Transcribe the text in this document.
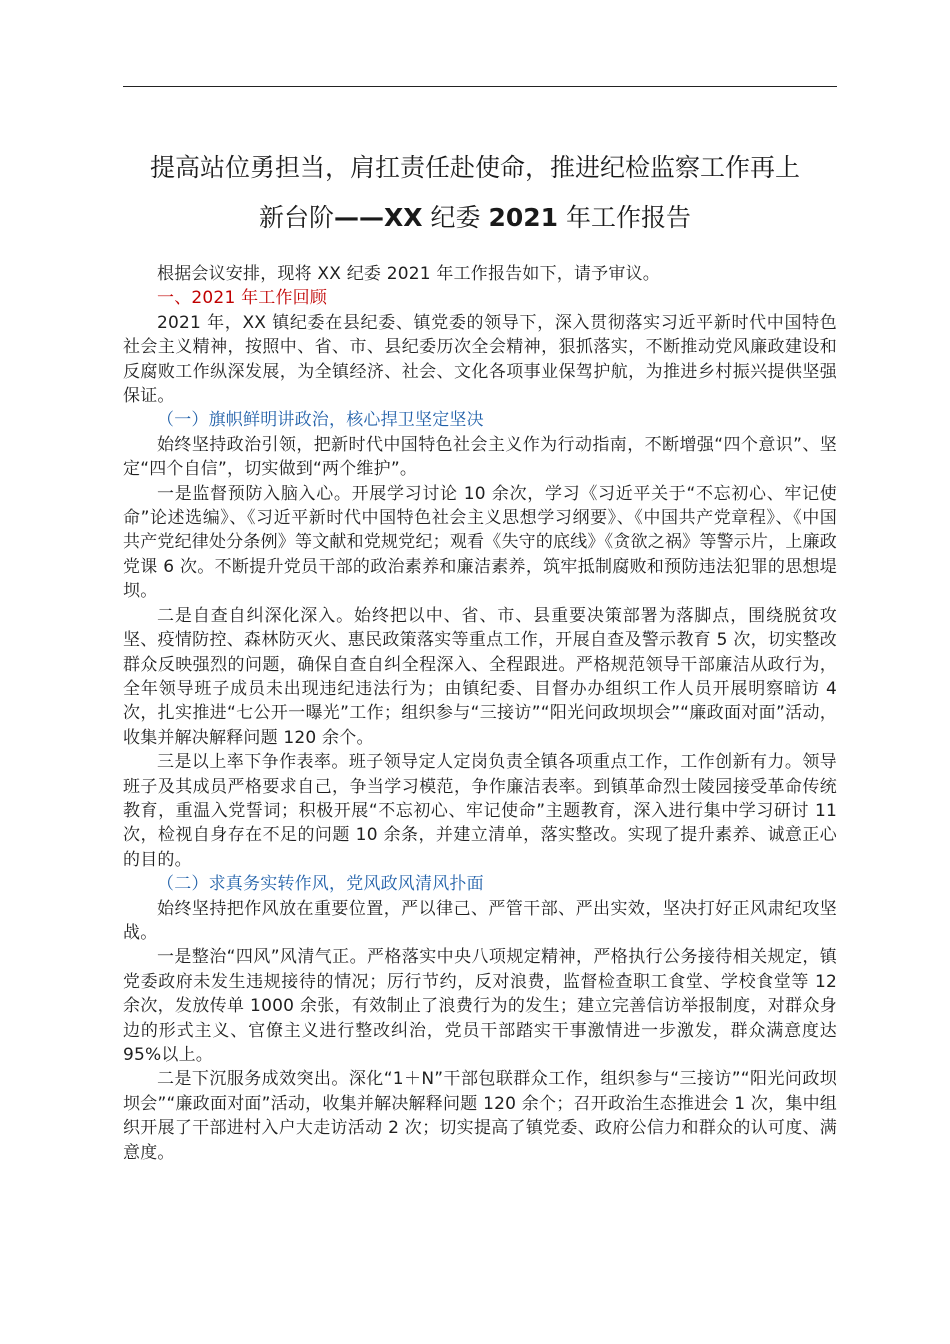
提高站位勇担当，肩扛责任赴使命，推进纪检监察工作再上
新台阶——XX 纪委 2021 年工作报告

根据会议安排，现将 XX 纪委 2021 年工作报告如下，请予审议。

一、2021 年工作回顾

2021 年，XX 镇纪委在县纪委、镇党委的领导下，深入贯彻落实习近平新时代中国特色社会主义精神，按照中、省、市、县纪委历次全会精神，狠抓落实，不断推动党风廉政建设和反腐败工作纵深发展，为全镇经济、社会、文化各项事业保驾护航，为推进乡村振兴提供坚强保证。

（一）旗帜鲜明讲政治，核心捍卫坚定坚决

始终坚持政治引领，把新时代中国特色社会主义作为行动指南，不断增强“四个意识”、坚定“四个自信”，切实做到“两个维护”。

一是监督预防入脑入心。开展学习讨论 10 余次，学习《习近平关于“不忘初心、牢记使命”论述选编》、《习近平新时代中国特色社会主义思想学习纲要》、《中国共产党章程》、《中国共产党纪律处分条例》等文献和党规党纪；观看《失守的底线》《贪欲之祸》等警示片，上廉政党课 6 次。不断提升党员干部的政治素养和廉洁素养，筑牢抵制腐败和预防违法犯罪的思想堤坝。

二是自查自纠深化深入。始终把以中、省、市、县重要决策部署为落脚点，围绕脱贫攻坚、疫情防控、森林防灭火、惠民政策落实等重点工作，开展自查及警示教育 5 次，切实整改群众反映强烈的问题，确保自查自纠全程深入、全程跟进。严格规范领导干部廉洁从政行为，全年领导班子成员未出现违纪违法行为；由镇纪委、目督办办组织工作人员开展明察暗访 4 次，扎实推进“七公开一曝光”工作；组织参与“三接访”“阳光问政坝坝会”“廉政面对面”活动，收集并解决解释问题 120 余个。

三是以上率下争作表率。班子领导定人定岗负责全镇各项重点工作，工作创新有力。领导班子及其成员严格要求自己，争当学习模范，争作廉洁表率。到镇革命烈士陵园接受革命传统教育，重温入党誓词；积极开展“不忘初心、牢记使命”主题教育，深入进行集中学习研讨 11 次，检视自身存在不足的问题 10 余条，并建立清单，落实整改。实现了提升素养、诚意正心的目的。

（二）求真务实转作风，党风政风清风扑面

始终坚持把作风放在重要位置，严以律己、严管干部、严出实效，坚决打好正风肃纪攻坚战。

一是整治“四风”风清气正。严格落实中央八项规定精神，严格执行公务接待相关规定，镇党委政府未发生违规接待的情况；厉行节约，反对浪费，监督检查职工食堂、学校食堂等 12 余次，发放传单 1000 余张，有效制止了浪费行为的发生；建立完善信访举报制度，对群众身边的形式主义、官僚主义进行整改纠治，党员干部踏实干事激情进一步激发，群众满意度达 95%以上。

二是下沉服务成效突出。深化“1＋N”干部包联群众工作，组织参与“三接访”“阳光问政坝坝会”“廉政面对面”活动，收集并解决解释问题 120 余个；召开政治生态推进会 1 次，集中组织开展了干部进村入户大走访活动 2 次；切实提高了镇党委、政府公信力和群众的认可度、满意度。
